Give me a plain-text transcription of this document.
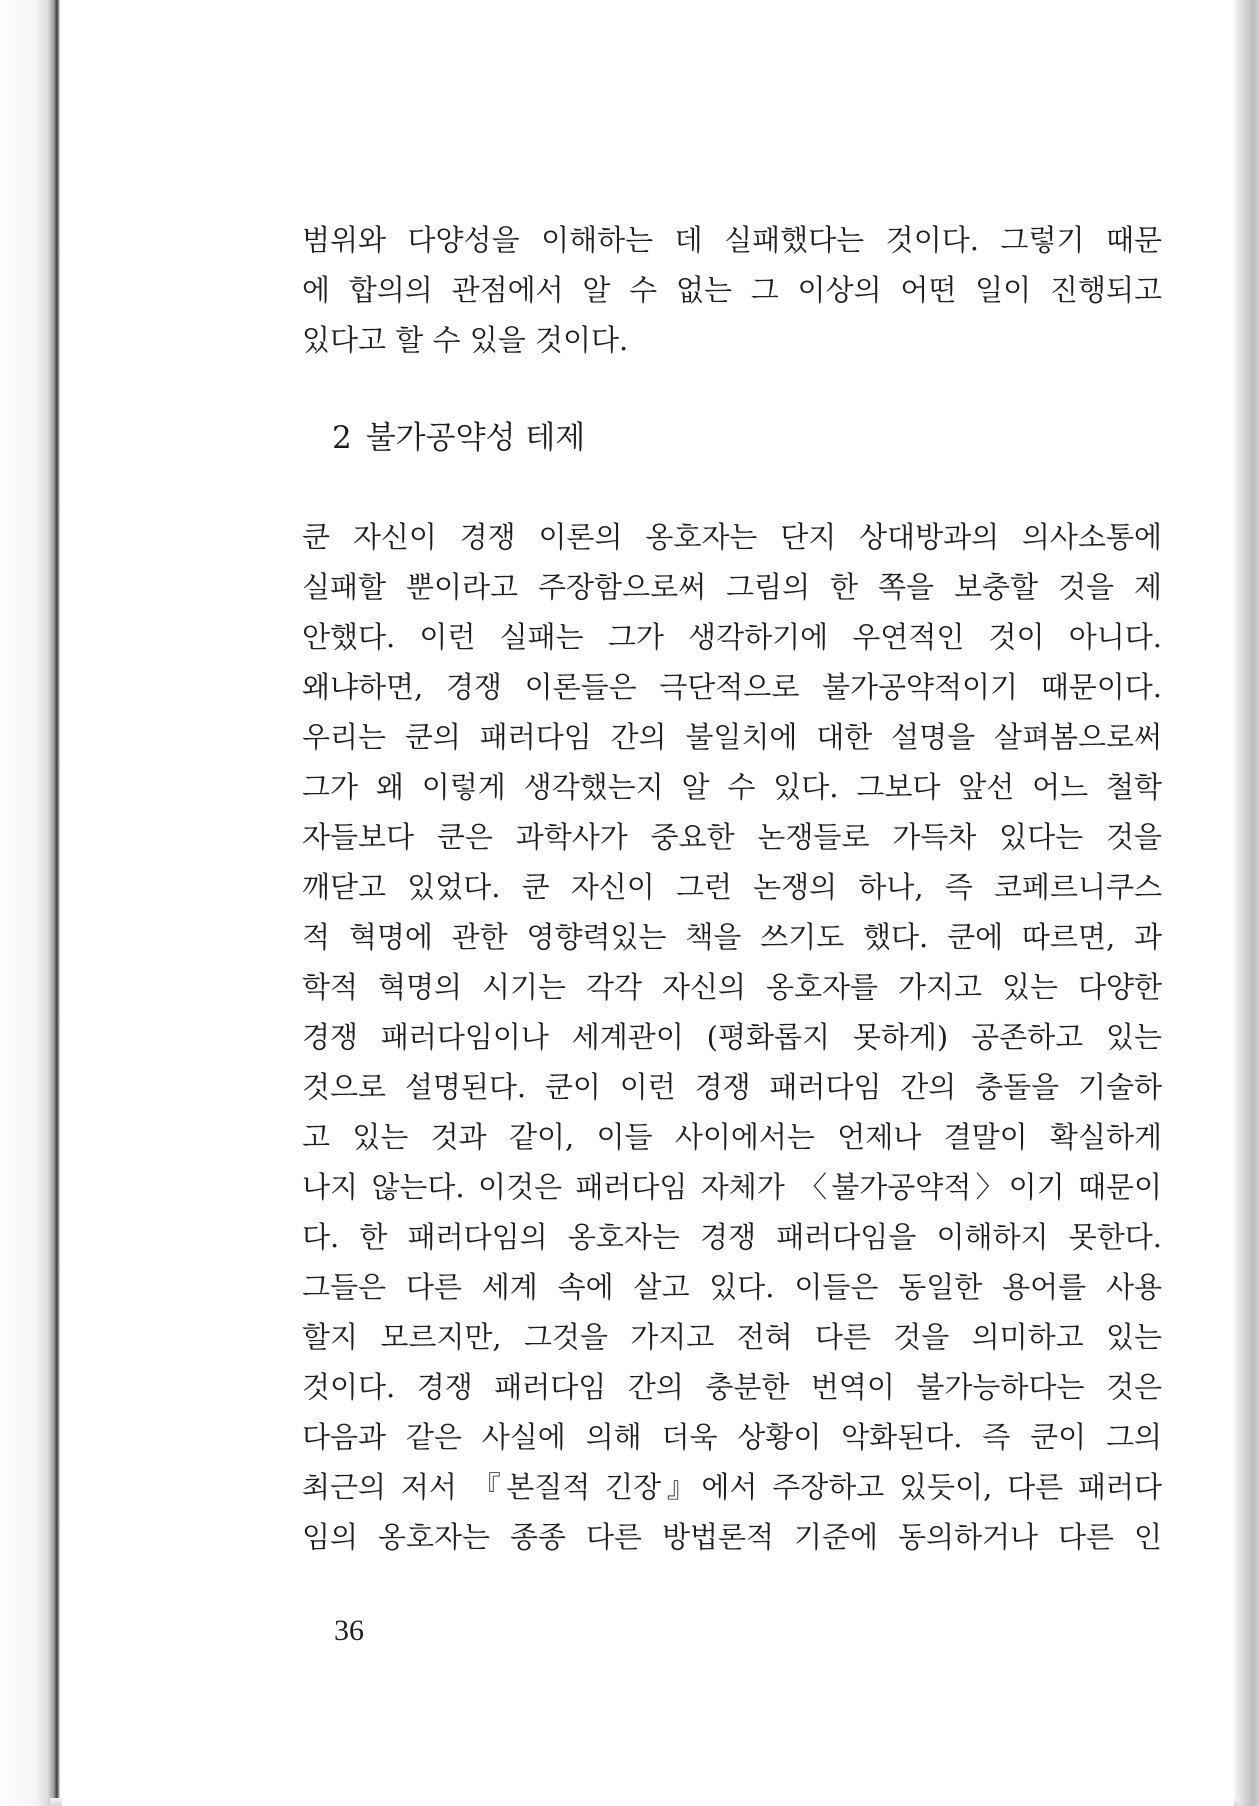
범위와 다양성을 이해하는 데 실패했다는 것이다. 그렇기 때문
에 합의의 관점에서 알 수 없는 그 이상의 어떤 일이 진행되고
있다고 할 수 있을 것이다.
2 불가공약성 테제
쿤 자신이 경쟁 이론의 옹호자는 단지 상대방과의 의사소통에
실패할 뿐이라고 주장함으로써 그림의 한 쪽을 보충할 것을 제
안했다. 이런 실패는 그가 생각하기에 우연적인 것이 아니다.
왜냐하면, 경쟁 이론들은 극단적으로 불가공약적이기 때문이다.
우리는 쿤의 패러다임 간의 불일치에 대한 설명을 살펴봄으로써
그가 왜 이렇게 생각했는지 알 수 있다. 그보다 앞선 어느 철학
자들보다 쿤은 과학사가 중요한 논쟁들로 가득차 있다는 것을
깨닫고 있었다. 쿤 자신이 그런 논쟁의 하나, 즉 코페르니쿠스
적 혁명에 관한 영향력있는 책을 쓰기도 했다. 쿤에 따르면, 과
학적 혁명의 시기는 각각 자신의 옹호자를 가지고 있는 다양한
경쟁 패러다임이나 세계관이 (평화롭지 못하게) 공존하고 있는
것으로 설명된다. 쿤이 이런 경쟁 패러다임 간의 충돌을 기술하
고 있는 것과 같이, 이들 사이에서는 언제나 결말이 확실하게
나지 않는다. 이것은 패러다임 자체가 〈불가공약적〉이기 때문이
다. 한 패러다임의 옹호자는 경쟁 패러다임을 이해하지 못한다.
그들은 다른 세계 속에 살고 있다. 이들은 동일한 용어를 사용
할지 모르지만, 그것을 가지고 전혀 다른 것을 의미하고 있는
것이다. 경쟁 패러다임 간의 충분한 번역이 불가능하다는 것은
다음과 같은 사실에 의해 더욱 상황이 악화된다. 즉 쿤이 그의
최근의 저서 『본질적 긴장』에서 주장하고 있듯이, 다른 패러다
임의 옹호자는 종종 다른 방법론적 기준에 동의하거나 다른 인
36
